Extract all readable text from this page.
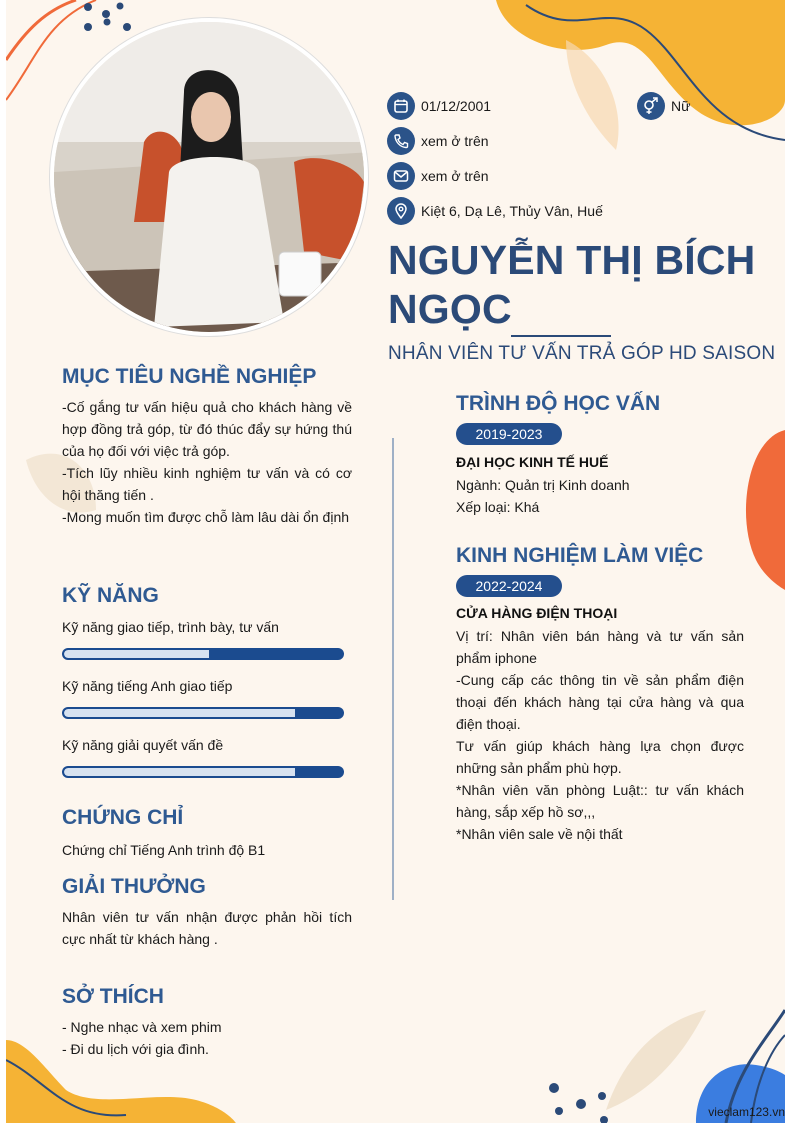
01/12/2001	Nữ
xem ở trên
xem ở trên
Kiệt 6, Dạ Lê, Thủy Vân, Huế
NGUYỄN THỊ BÍCH
NGỌC
NHÂN VIÊN TƯ VẤN TRẢ GÓP HD SAISON
MỤC TIÊU NGHỀ NGHIỆP
-Cố gắng tư vấn hiệu quả cho khách hàng về hợp đồng trả góp, từ đó thúc đẩy sự hứng thú của họ đối với việc trả góp.
-Tích lũy nhiều kinh nghiệm tư vấn và có cơ hội thăng tiến .
-Mong muốn tìm được chỗ làm lâu dài ổn định
KỸ NĂNG
Kỹ năng giao tiếp, trình bày, tư vấn
Kỹ năng tiếng Anh giao tiếp
Kỹ năng giải quyết vấn đề
CHỨNG CHỈ
Chứng chỉ Tiếng Anh trình độ B1
GIẢI THƯỞNG
Nhân viên tư vấn nhận được phản hồi tích cực nhất từ khách hàng .
SỞ THÍCH
- Nghe nhạc và xem phim
- Đi du lịch với gia đình.
TRÌNH ĐỘ HỌC VẤN
2019-2023
ĐẠI HỌC KINH TẾ HUẾ
Ngành: Quản trị Kinh doanh
Xếp loại: Khá
KINH NGHIỆM LÀM VIỆC
2022-2024
CỬA HÀNG ĐIỆN THOẠI
Vị trí: Nhân viên bán hàng và tư vấn sản phẩm iphone
-Cung cấp các thông tin về sản phẩm điện thoại đến khách hàng tại cửa hàng và qua điện thoại.
Tư vấn giúp khách hàng lựa chọn được những sản phẩm phù hợp.
*Nhân viên văn phòng Luật:: tư vấn khách hàng, sắp xếp hồ sơ,,,
*Nhân viên sale về nội thất
vieclam123.vn
